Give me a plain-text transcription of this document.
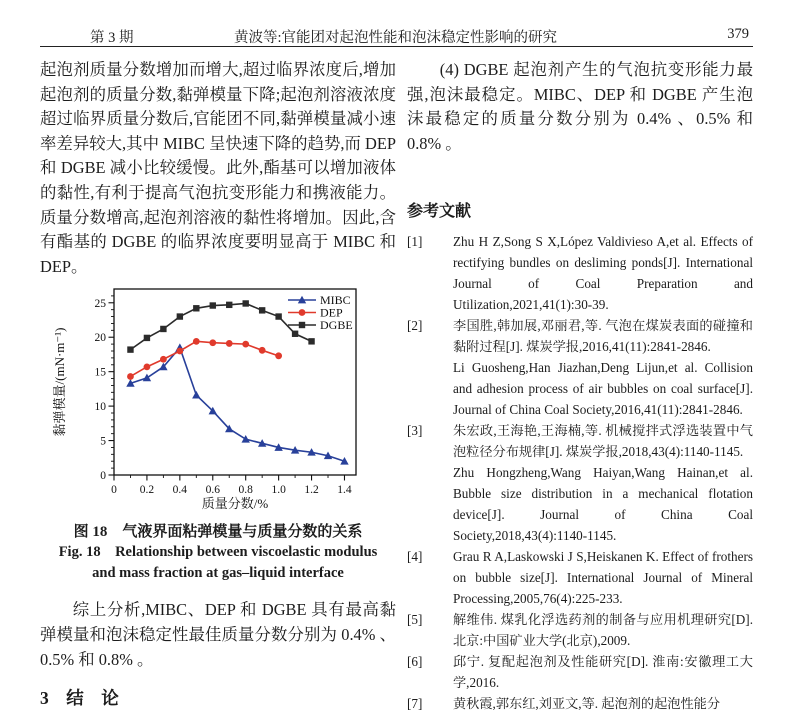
第 3 期	黄波等:官能团对起泡性能和泡沫稳定性影响的研究	379

起泡剂质量分数增加而增大,超过临界浓度后,增加起泡剂的质量分数,黏弹模量下降;起泡剂溶液浓度超过临界质量分数后,官能团不同,黏弹模量减小速率差异较大,其中 MIBC 呈快速下降的趋势,而 DEP 和 DGBE 减小比较缓慢。此外,酯基可以增加液体的黏性,有利于提高气泡抗变形能力和携液能力。质量分数增高,起泡剂溶液的黏性将增加。因此,含有酯基的 DGBE 的临界浓度要明显高于 MIBC 和 DEP。

0 0.2 0.4 0.6 0.8 1.0 1.2 1.4
0
5
10
15
20
25
质量分数/%
黏弹模量/(mN·m⁻¹)
MIBC
DEP
DGBE
图 18　气液界面粘弹模量与质量分数的关系
Fig. 18　Relationship between viscoelastic modulus
and mass fraction at gas–liquid interface

综上分析,MIBC、DEP 和 DGBE 具有最高黏弹模量和泡沫稳定性最佳质量分数分别为 0.4% 、0.5% 和 0.8% 。

3　结　论

(4) DGBE 起泡剂产生的气泡抗变形能力最强,泡沫最稳定。MIBC、DEP 和 DGBE 产生泡沫最稳定的质量分数分别为 0.4% 、0.5% 和 0.8% 。

参考文献
[1]	Zhu H Z,Song S X,López Valdivieso A,et al. Effects of rectifying bundles on desliming ponds[J]. International Journal of Coal Preparation and Utilization,2021,41(1):30-39.
[2]	李国胜,韩加展,邓丽君,等. 气泡在煤炭表面的碰撞和黏附过程[J]. 煤炭学报,2016,41(11):2841-2846.
Li Guosheng,Han Jiazhan,Deng Lijun,et al. Collision and adhesion process of air bubbles on coal surface[J]. Journal of China Coal Society,2016,41(11):2841-2846.
[3]	朱宏政,王海艳,王海楠,等. 机械搅拌式浮选装置中气泡粒径分布规律[J]. 煤炭学报,2018,43(4):1140-1145.
Zhu Hongzheng,Wang Haiyan,Wang Hainan,et al. Bubble size distribution in a mechanical flotation device[J]. Journal of China Coal Society,2018,43(4):1140-1145.
[4]	Grau R A,Laskowski J S,Heiskanen K. Effect of frothers on bubble size[J]. International Journal of Mineral Processing,2005,76(4):225-233.
[5]	解维伟. 煤乳化浮选药剂的制备与应用机理研究[D]. 北京:中国矿业大学(北京),2009.
[6]	邱宁. 复配起泡剂及性能研究[D]. 淮南:安徽理工大学,2016.
[7]	黄秋霞,郭东红,刘亚文,等. 起泡剂的起泡性能分
